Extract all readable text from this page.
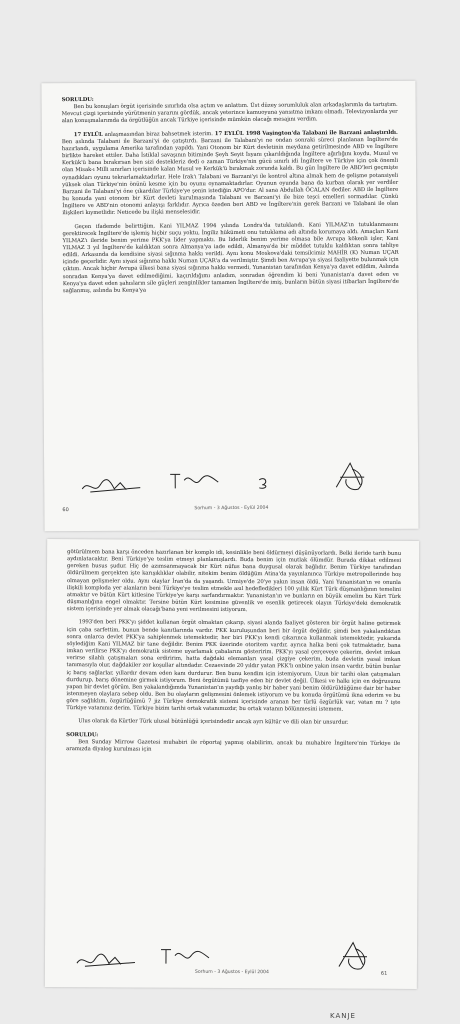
SORULDU:

Ben bu konuşları örgüt içerisinde sınırlıda olsa açtım ve anlattım. Üst düzey sorumluluk alan arkadaşlarımla da tartıştım. Mevcut çizgi içerisinde yürütmenin yararını gördük, ancak yeterince kamuoyuna yansıtma imkanı olmadı. Televizyonlarda yer alan konuşmalarımda da örgütlüğün ancak Türkiye içerisinde mümkün olacağı mesajını verdim.

17 EYLÜL anlaşmasından biraz bahsetmek isterim. 17 EYLÜL 1998 Vaşington'da Talabani ile Barzani anlaştırıldı. Ben aslında Talabani ile Barzani'yi de çatıştırdı. Barzani ile Talabani'yi ne ondan sonraki süreci planlanan İngiltere'de hazırlandı, uygulama Amerika tarafından yapıldı. Yani Otonom bir Kürt devletinin meydana getirilmesinde ABD ve İngiltere birlikte hareket ettiler. Daha İstiklal savaşının bitiminde Şeyh Seyit İsyanı çıkarıldığında İngiltere ağırlığını koydu, Musul ve Kerkük'ü bana bırakırsan ben sizi destekleriz dedi o zaman Türkiye'nin gücü sınırlı idi İngiltere ve Türkiye için çok önemli olan Misak-ı Milli sınırları içerisinde kalan Musul ve Kerkük'ü bırakmak zorunda kaldı. Bu gün İngiltere ile ABD'leri geçmişte oynadıkları oyunu tekrarlamaktadırlar. Hele Irak'ı Talabani ve Barzani'yi ile kontrol altına almak hem de gelişme potansiyeli yüksek olan Türkiye'nin önünü kesme için bu oyunu oynamaktadırlar. Oyunun oyunda bana da kurban olarak yer verdiler Barzani ile Talabani'yi öne çıkardılar Türkiye'ye şenin istediğin APO'dur. Al sana Abdullah ÖCALAN dediler. ABD ile İngiltere bu konuda yani otonom bir Kürt devleti kurulmasında Talabani ve Barzani'yi ile bize teşci emelleri sormadılar. Çünkü İngiltere ve ABD'nin otonomi anlayışı farklıdır. Ayrıca özeden beri ABD ve İngiltere'nin gerek Barzani ve Talabani ile olan ilişkileri kıymetlidir. Neticede bu ilişki menselesidir.

Geçen ifademde belirttiğim, Kani YILMAZ 1994 yılında Londra'da tutuklandı. Kani YILMAZ'ın tutuklanmasını gerektirecek İngiltere'de işlemiş hiçbir suçu yoktu, İngiliz hükümeti onu tutuklama adı altında korumaya aldı. Amaçları Kani YILMAZ'ı ileride benim yerime PKK'ya lider yapmaktı. Bu liderlik benim yerime olmasa bile Avrupa kökenli işler, Kani YILMAZ 3 yıl İngiltere'de kaldıktan sonra Almanya'ya iade edildi, Almanya'da bir müddet tutuklu kaldıktan sonra tahliye edildi. Arkasında da kendisine siyasi sığınma hakkı verildi. Aynı konu Moskova'daki temsilcimiz MAHİR (K) Numan UÇAR içinde geçerlidir. Aynı siyasi sığınma hakkı Numan UÇAR'a da verilmiştir. Şimdi ben Avrupa'ya siyasi faaliyette bulunmak için çıktım. Ancak hiçbir Avrupa ülkesi bana siyasi sığınma hakkı vermedi, Yunanistan tarafından Kenya'ya davet edildim, Aslında sonradan Kenya'ya davet edilmediğimi, kaçırıldığımı anladım, sonradan öğrendim ki beni Yunanistan'a davet eden ve Kenya'ya davet eden şahısların sile güçleri zenginlikler tamamen İngiltere'de imiş, bunların bütün siyasi itibarları İngiltere'de sağlanmış, aslında bu Kenya'ya

60	Sorhum - 3 Ağustos - Eylül 2004

götürülmem bana karşı önceden hazırlanan bir komplo idi, kesinlikle beni öldürmeyi düşünüyorlardı. Belki ileride tarih bunu aydınlatacaktır. Beni Türkiye'ye teslim etmeyi planlamışlardı. Buda benim için mutlak ölümdür. Burada dikkat edilmesi gereken husus şudur. Hiç de azımsanmayacak bir Kürt nüfus bana duygusal olarak bağlıdır. Benim Türkiye tarafından öldürülmem gerçekten işte karışıklıklar olabilir, nitekim benim öldüğüm Atina'da yayınlanınca Türkiye metropollerinde hoş olmayan gelişmeler oldu. Aynı olaylar İran'da da yaşandı. Urmiye'de 20'ye yakın insan öldü. Yani Yunanistan'ın ve onunla ilişkili komploda yer alanların beni Türkiye'ye teslim etmekle asıl hedefledikleri 100 yıllık Kürt Türk düşmanlığının temelini atmaktır ve bütün Kürt kitlesine Türkiye'ye karşı sarfandırmaktır. Yunanistan'ın ve bunların en büyük emelim bu Kürt Türk düşmanlığına engel olmaktır. Tersine bütün Kürt kesimine güvenlik ve esenlik getirecek olayın Türkiye'deki demokratik sistem içerisinde yer almak olacağı'bana yeni verilmesini istiyorum.

1993'den beri PKK'yı şiddet kullanan örgüt olmaktan çıkarıp, siyasi alanda faaliyet gösteren bir örgüt haline getirmek için çaba sarfettim, bunun bende kanıtlarında vardır. PKK kuruluşundan beri bir örgüt değildir, şimdi ben yakalandıktan sonra onlarca devlet PKK'ya sahiplenmek istemektedir, her biri PKK'yı kendi çıkarınca kullanmak istemektedir, yukarıda söylediğim Kani YILMAZ bir tane değildir. Benim PKK üzerinde otoritem vardır, ayrıca halka beni çok tutmaktadır, bana imkan verilirse PKK'yı demokratik sisteme uyarlamak çabalarını gösteririm. PKK'yı yasal çerçeveye çekerim, devlet imkan verirse silahlı çatışmaları sona erdiririm, hatta dağdaki elemanları yasal çizgiye çekerim, buda devletin yasal imkan tanımasıyla olur, dağdakiler zor koşullar altındadır. Cezaevinde 20 yıldır yatan PKK'lı onbine yakın insan vardır, bütün bunlar iç barış sağlarlar, yıllardır devam eden kanı durdurur. Ben bunu kendim için istemiyorum. Uzun bir tarihi olan çatışmaları durdurup, barış dönemine girmek istiyorum. Beni örgütümü tasfiye eden bir devlet değil. Ülkesi ve halkı için en doğrusunu yapan bir devlet görüm. Ben yakalandığımda Yunanistan'ın yaydığı yanlış bir haber yani benim öldürüldüğüme dair bir haber istenmeyen olaylara sebep oldu. Ben bu olayların gelişmesini önlemek istiyorum ve bu konuda örgütümü ikna ederim ve bu göre sağlıklım, özgürlüğümü 7 jiz Türkiye demokratik sistemi içerisinde aranan her türlü özgürlük var, vatan mı ? işte Türkiye vatanınız derim. Türkiye bizim tarihi ortak vatanımızdır, bu ortak vatanın bölünmesini istemem.

Ulus olarak da Kürtler Türk ulusal bütünlüğü içerisindedir ancak ayrı kültür ve dili olan bir unsurdur.

SORULDU:

Ben Sunday Mirrow Gazetesi muhabiri ile röportaj yapmış olabilirim, ancak bu muhabire İngiltere'nin Türkiye ile aramızda diyalog kurulması için

Sorhum - 3 Ağustos - Eylül 2004	61
KANJE
